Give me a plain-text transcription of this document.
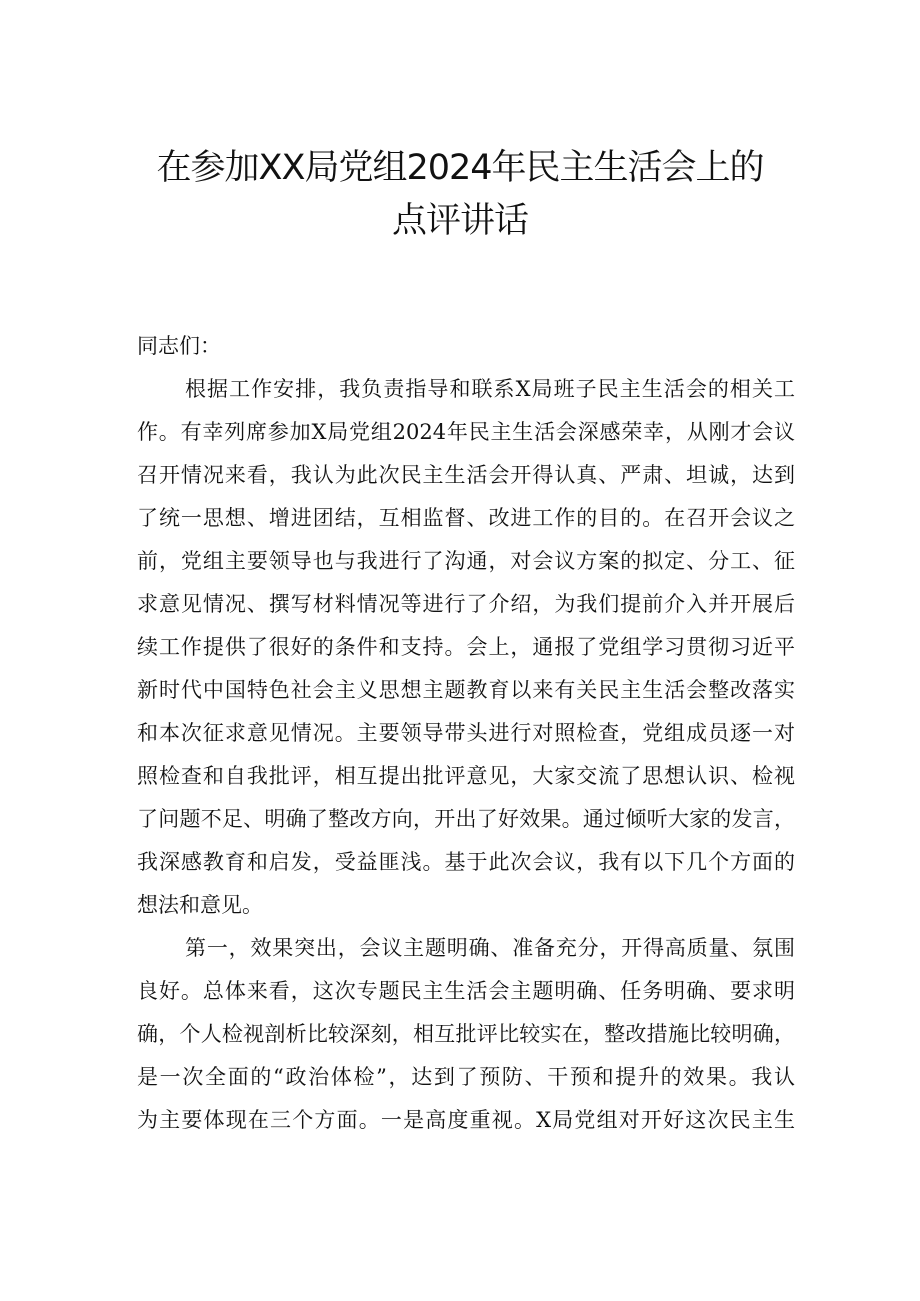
在参加XX局党组2024年民主生活会上的
点评讲话
同志们：
根据工作安排，我负责指导和联系X局班子民主生活会的相关工
作。有幸列席参加X局党组2024年民主生活会深感荣幸，从刚才会议
召开情况来看，我认为此次民主生活会开得认真、严肃、坦诚，达到
了统一思想、增进团结，互相监督、改进工作的目的。在召开会议之
前，党组主要领导也与我进行了沟通，对会议方案的拟定、分工、征
求意见情况、撰写材料情况等进行了介绍，为我们提前介入并开展后
续工作提供了很好的条件和支持。会上，通报了党组学习贯彻习近平
新时代中国特色社会主义思想主题教育以来有关民主生活会整改落实
和本次征求意见情况。主要领导带头进行对照检查，党组成员逐一对
照检查和自我批评，相互提出批评意见，大家交流了思想认识、检视
了问题不足、明确了整改方向，开出了好效果。通过倾听大家的发言，
我深感教育和启发，受益匪浅。基于此次会议，我有以下几个方面的
想法和意见。
第一，效果突出，会议主题明确、准备充分，开得高质量、氛围
良好。总体来看，这次专题民主生活会主题明确、任务明确、要求明
确，个人检视剖析比较深刻，相互批评比较实在，整改措施比较明确，
是一次全面的“政治体检”，达到了预防、干预和提升的效果。我认
为主要体现在三个方面。一是高度重视。X局党组对开好这次民主生
